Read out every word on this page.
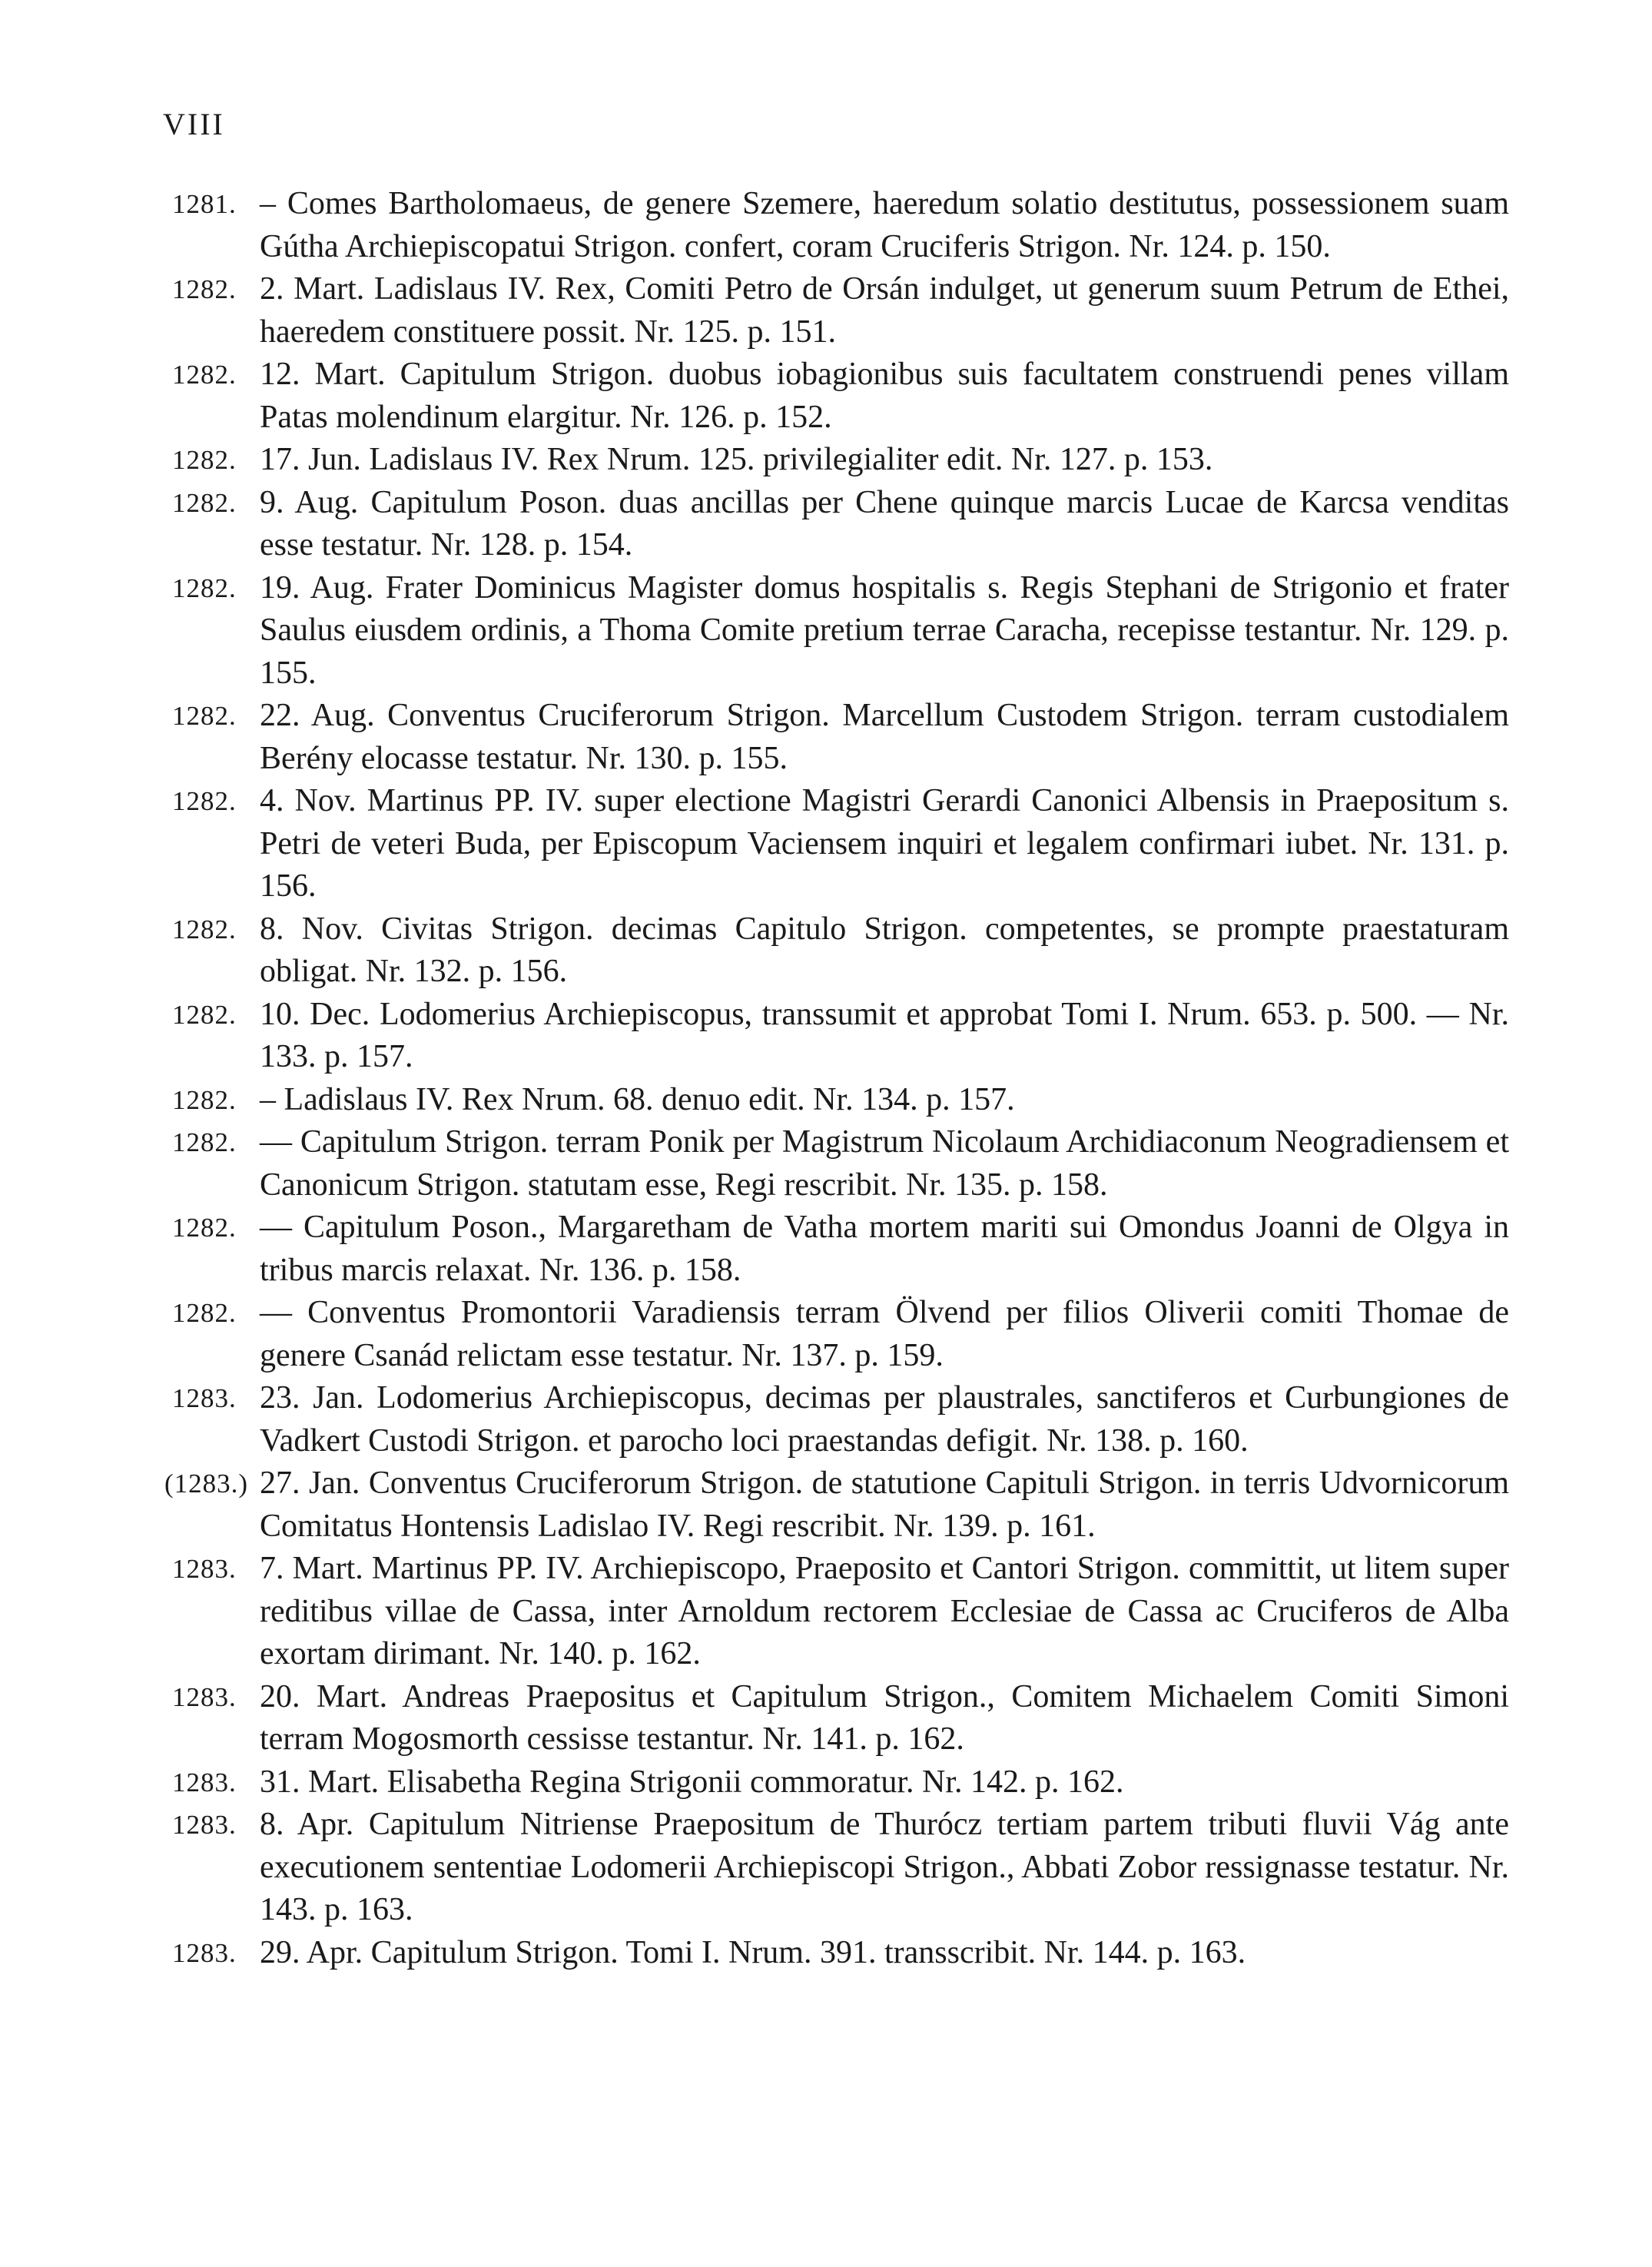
VIII
1281. – Comes Bartholomaeus, de genere Szemere, haeredum solatio destitutus, possessionem suam Gútha Archiepiscopatui Strigon. confert, coram Cruciferis Strigon. Nr. 124. p. 150.
1282. 2. Mart. Ladislaus IV. Rex, Comiti Petro de Orsán indulget, ut generum suum Petrum de Ethei, haeredem constituere possit. Nr. 125. p. 151.
1282. 12. Mart. Capitulum Strigon. duobus iobagionibus suis facultatem construendi penes villam Patas molendinum elargitur. Nr. 126. p. 152.
1282. 17. Jun. Ladislaus IV. Rex Nrum. 125. privilegialiter edit. Nr. 127. p. 153.
1282. 9. Aug. Capitulum Poson. duas ancillas per Chene quinque marcis Lucae de Karcsa venditas esse testatur. Nr. 128. p. 154.
1282. 19. Aug. Frater Dominicus Magister domus hospitalis s. Regis Stephani de Strigonio et frater Saulus eiusdem ordinis, a Thoma Comite pretium terrae Caracha, recepisse testantur. Nr. 129. p. 155.
1282. 22. Aug. Conventus Cruciferorum Strigon. Marcellum Custodem Strigon. terram custodialem Berény elocasse testatur. Nr. 130. p. 155.
1282. 4. Nov. Martinus PP. IV. super electione Magistri Gerardi Canonici Albensis in Praepositum s. Petri de veteri Buda, per Episcopum Vaciensem inquiri et legalem confirmari iubet. Nr. 131. p. 156.
1282. 8. Nov. Civitas Strigon. decimas Capitulo Strigon. competentes, se prompte praestaturam obligat. Nr. 132. p. 156.
1282. 10. Dec. Lodomerius Archiepiscopus, transsumit et approbat Tomi I. Nrum. 653. p. 500. — Nr. 133. p. 157.
1282. – Ladislaus IV. Rex Nrum. 68. denuo edit. Nr. 134. p. 157.
1282. — Capitulum Strigon. terram Ponik per Magistrum Nicolaum Archidiaconum Neogradiensem et Canonicum Strigon. statutam esse, Regi rescribit. Nr. 135. p. 158.
1282. — Capitulum Poson., Margaretham de Vatha mortem mariti sui Omondus Joanni de Olgya in tribus marcis relaxat. Nr. 136. p. 158.
1282. — Conventus Promontorii Varadiensis terram Ölvend per filios Oliverii comiti Thomae de genere Csanád relictam esse testatur. Nr. 137. p. 159.
1283. 23. Jan. Lodomerius Archiepiscopus, decimas per plaustrales, sanctiferos et Curbungiones de Vadkert Custodi Strigon. et parocho loci praestandas defigit. Nr. 138. p. 160.
(1283.) 27. Jan. Conventus Cruciferorum Strigon. de statutione Capituli Strigon. in terris Udvornicorum Comitatus Hontensis Ladislao IV. Regi rescribit. Nr. 139. p. 161.
1283. 7. Mart. Martinus PP. IV. Archiepiscopo, Praeposito et Cantori Strigon. committit, ut litem super reditibus villae de Cassa, inter Arnoldum rectorem Ecclesiae de Cassa ac Cruciferos de Alba exortam dirimant. Nr. 140. p. 162.
1283. 20. Mart. Andreas Praepositus et Capitulum Strigon., Comitem Michaelem Comiti Simoni terram Mogosmorth cessisse testantur. Nr. 141. p. 162.
1283. 31. Mart. Elisabetha Regina Strigonii commoratur. Nr. 142. p. 162.
1283. 8. Apr. Capitulum Nitriense Praepositum de Thurócz tertiam partem tributi fluvii Vág ante executionem sententiae Lodomerii Archiepiscopi Strigon., Abbati Zobor ressignasse testatur. Nr. 143. p. 163.
1283. 29. Apr. Capitulum Strigon. Tomi I. Nrum. 391. transscribit. Nr. 144. p. 163.
